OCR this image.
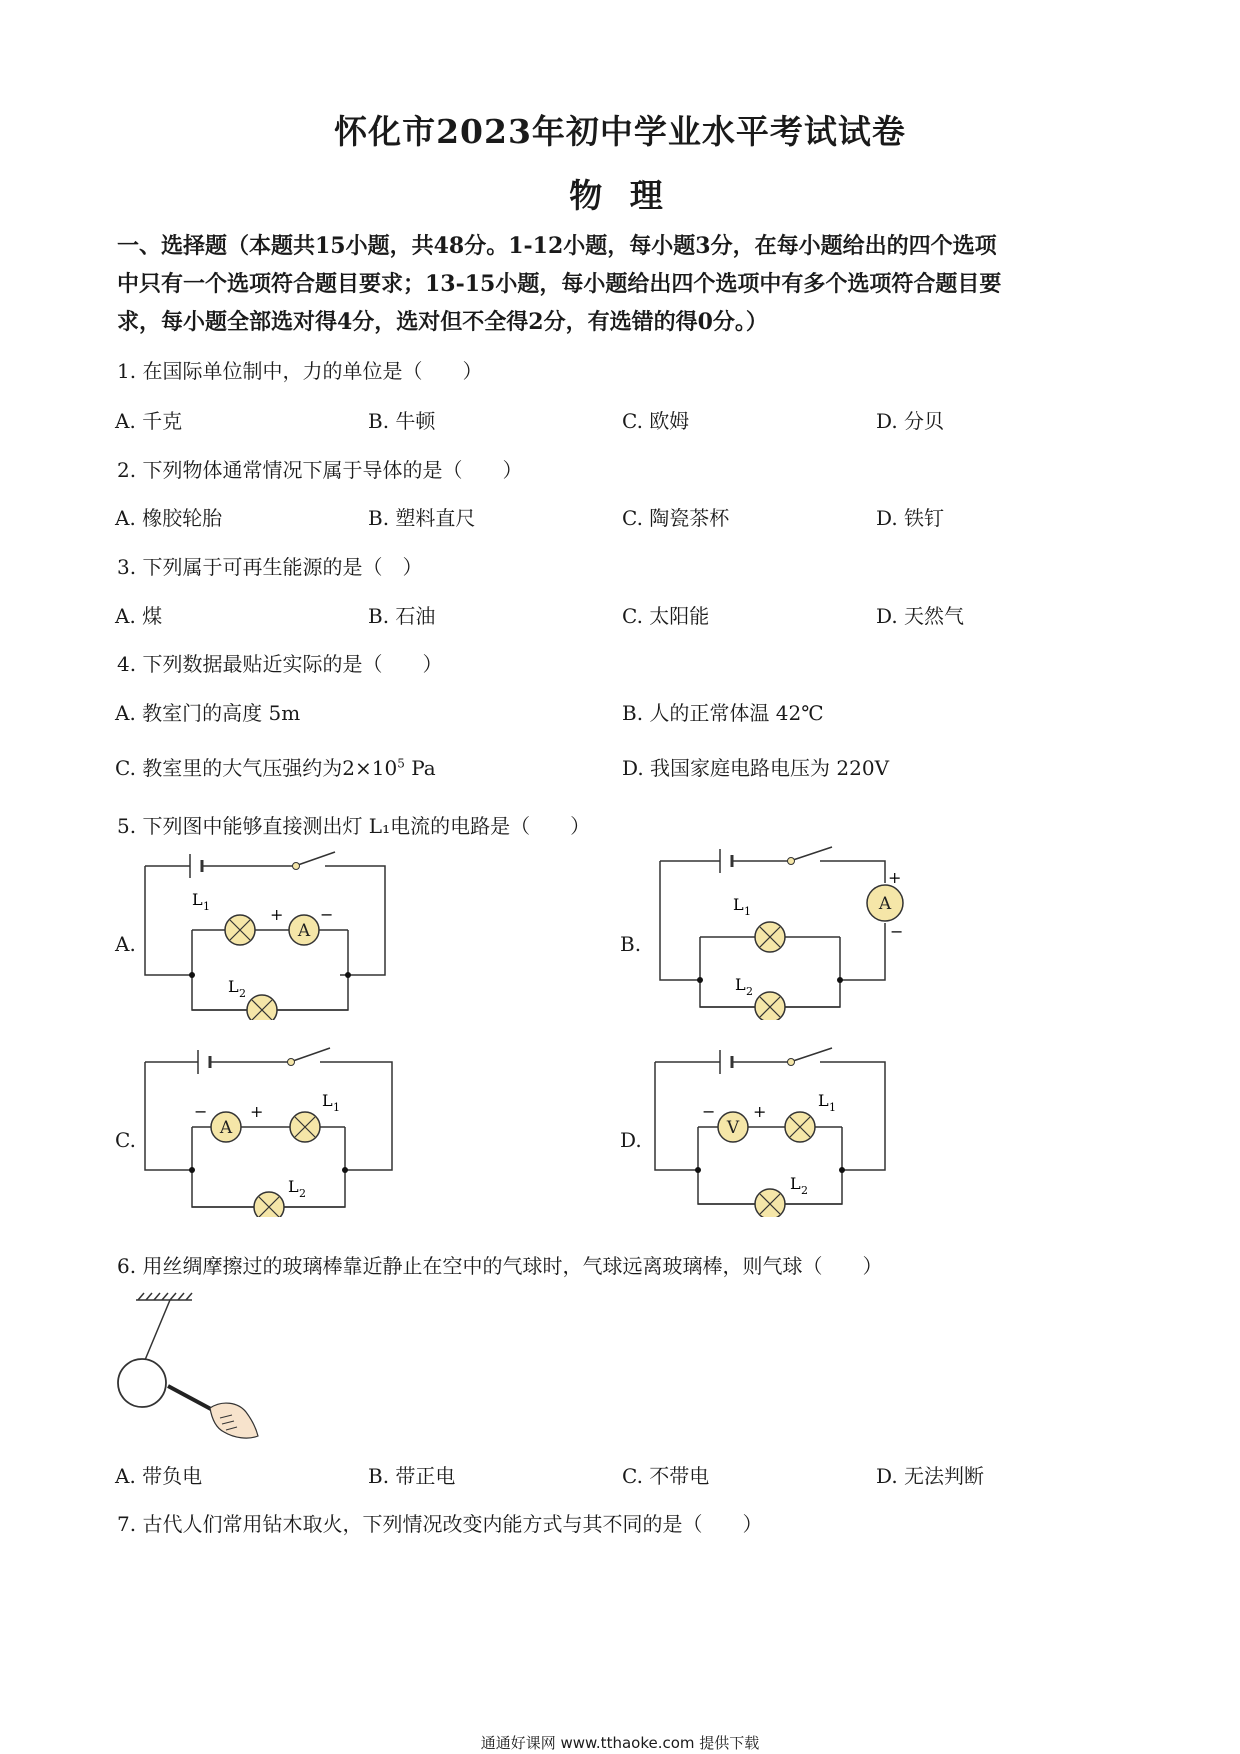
怀化市2023年初中学业水平考试试卷
物 理
一、选择题（本题共15小题，共48分。1-12小题，每小题3分，在每小题给出的四个选项
中只有一个选项符合题目要求；13-15小题，每小题给出四个选项中有多个选项符合题目要
求，每小题全部选对得4分，选对但不全得2分，有选错的得0分。）
1. 在国际单位制中，力的单位是（　　）
A. 千克	B. 牛顿	C. 欧姆	D. 分贝
2. 下列物体通常情况下属于导体的是（　　）
A. 橡胶轮胎	B. 塑料直尺	C. 陶瓷茶杯	D. 铁钉
3. 下列属于可再生能源的是（　）
A. 煤	B. 石油	C. 太阳能	D. 天然气
4. 下列数据最贴近实际的是（　　）
A. 教室门的高度 5m	B. 人的正常体温 42℃
C. 教室里的大气压强约为$2\times 10^5$ Pa	D. 我国家庭电路电压为 220V
5. 下列图中能够直接测出灯 L₁电流的电路是（　　）
A.	B.
C.	D.
A
L 1
L 2
+ −
A
L 1
L 2
+
−
A
L 1
L 2
−	+
V
L 1
L 2
− +
6. 用丝绸摩擦过的玻璃棒靠近静止在空中的气球时，气球远离玻璃棒，则气球（　　）
A. 带负电	B. 带正电	C. 不带电	D. 无法判断
7. 古代人们常用钻木取火，下列情况改变内能方式与其不同的是（　　）
通通好课网 www.tthaoke.com 提供下载
